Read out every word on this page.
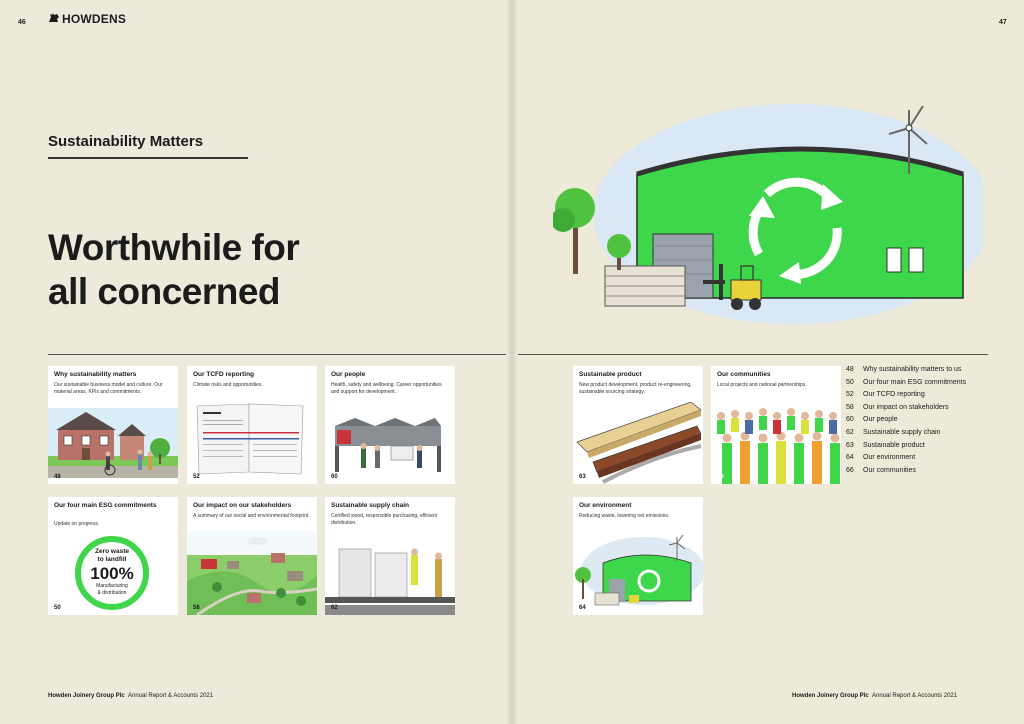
46	HOWDENS
Sustainability Matters
Worthwhile for
all concerned
Why sustainability matters
Our sustainable business model and culture. Our material areas, KPIs and commitments.
48
Our TCFD reporting
Climate risks and opportunities.
52
Our people
Health, safety and wellbeing. Career opportunities and support for development.
60
Our four main ESG commitments
Update on progress.
Zero waste
to landfill
100%
Manufacturing
& distribution
50
Our impact on our stakeholders
A summary of our social and environmental footprint.
58
Sustainable supply chain
Certified wood, responsible purchasing, efficient distribution.
62
Howden Joinery Group Plc Annual Report & Accounts 2021
47
Howden Joinery Group Plc Annual Report & Accounts 2021
Sustainable product
New product development, product re-engineering, sustainable sourcing strategy.
63
Our communities
Local projects and national partnerships.
66
Our environment
Reducing waste, lowering net emissions.
64
48	Why sustainability matters to us
50	Our four main ESG commitments
52	Our TCFD reporting
58	Our impact on stakeholders
60	Our people
62	Sustainable supply chain
63	Sustainable product
64	Our environment
66	Our communities
